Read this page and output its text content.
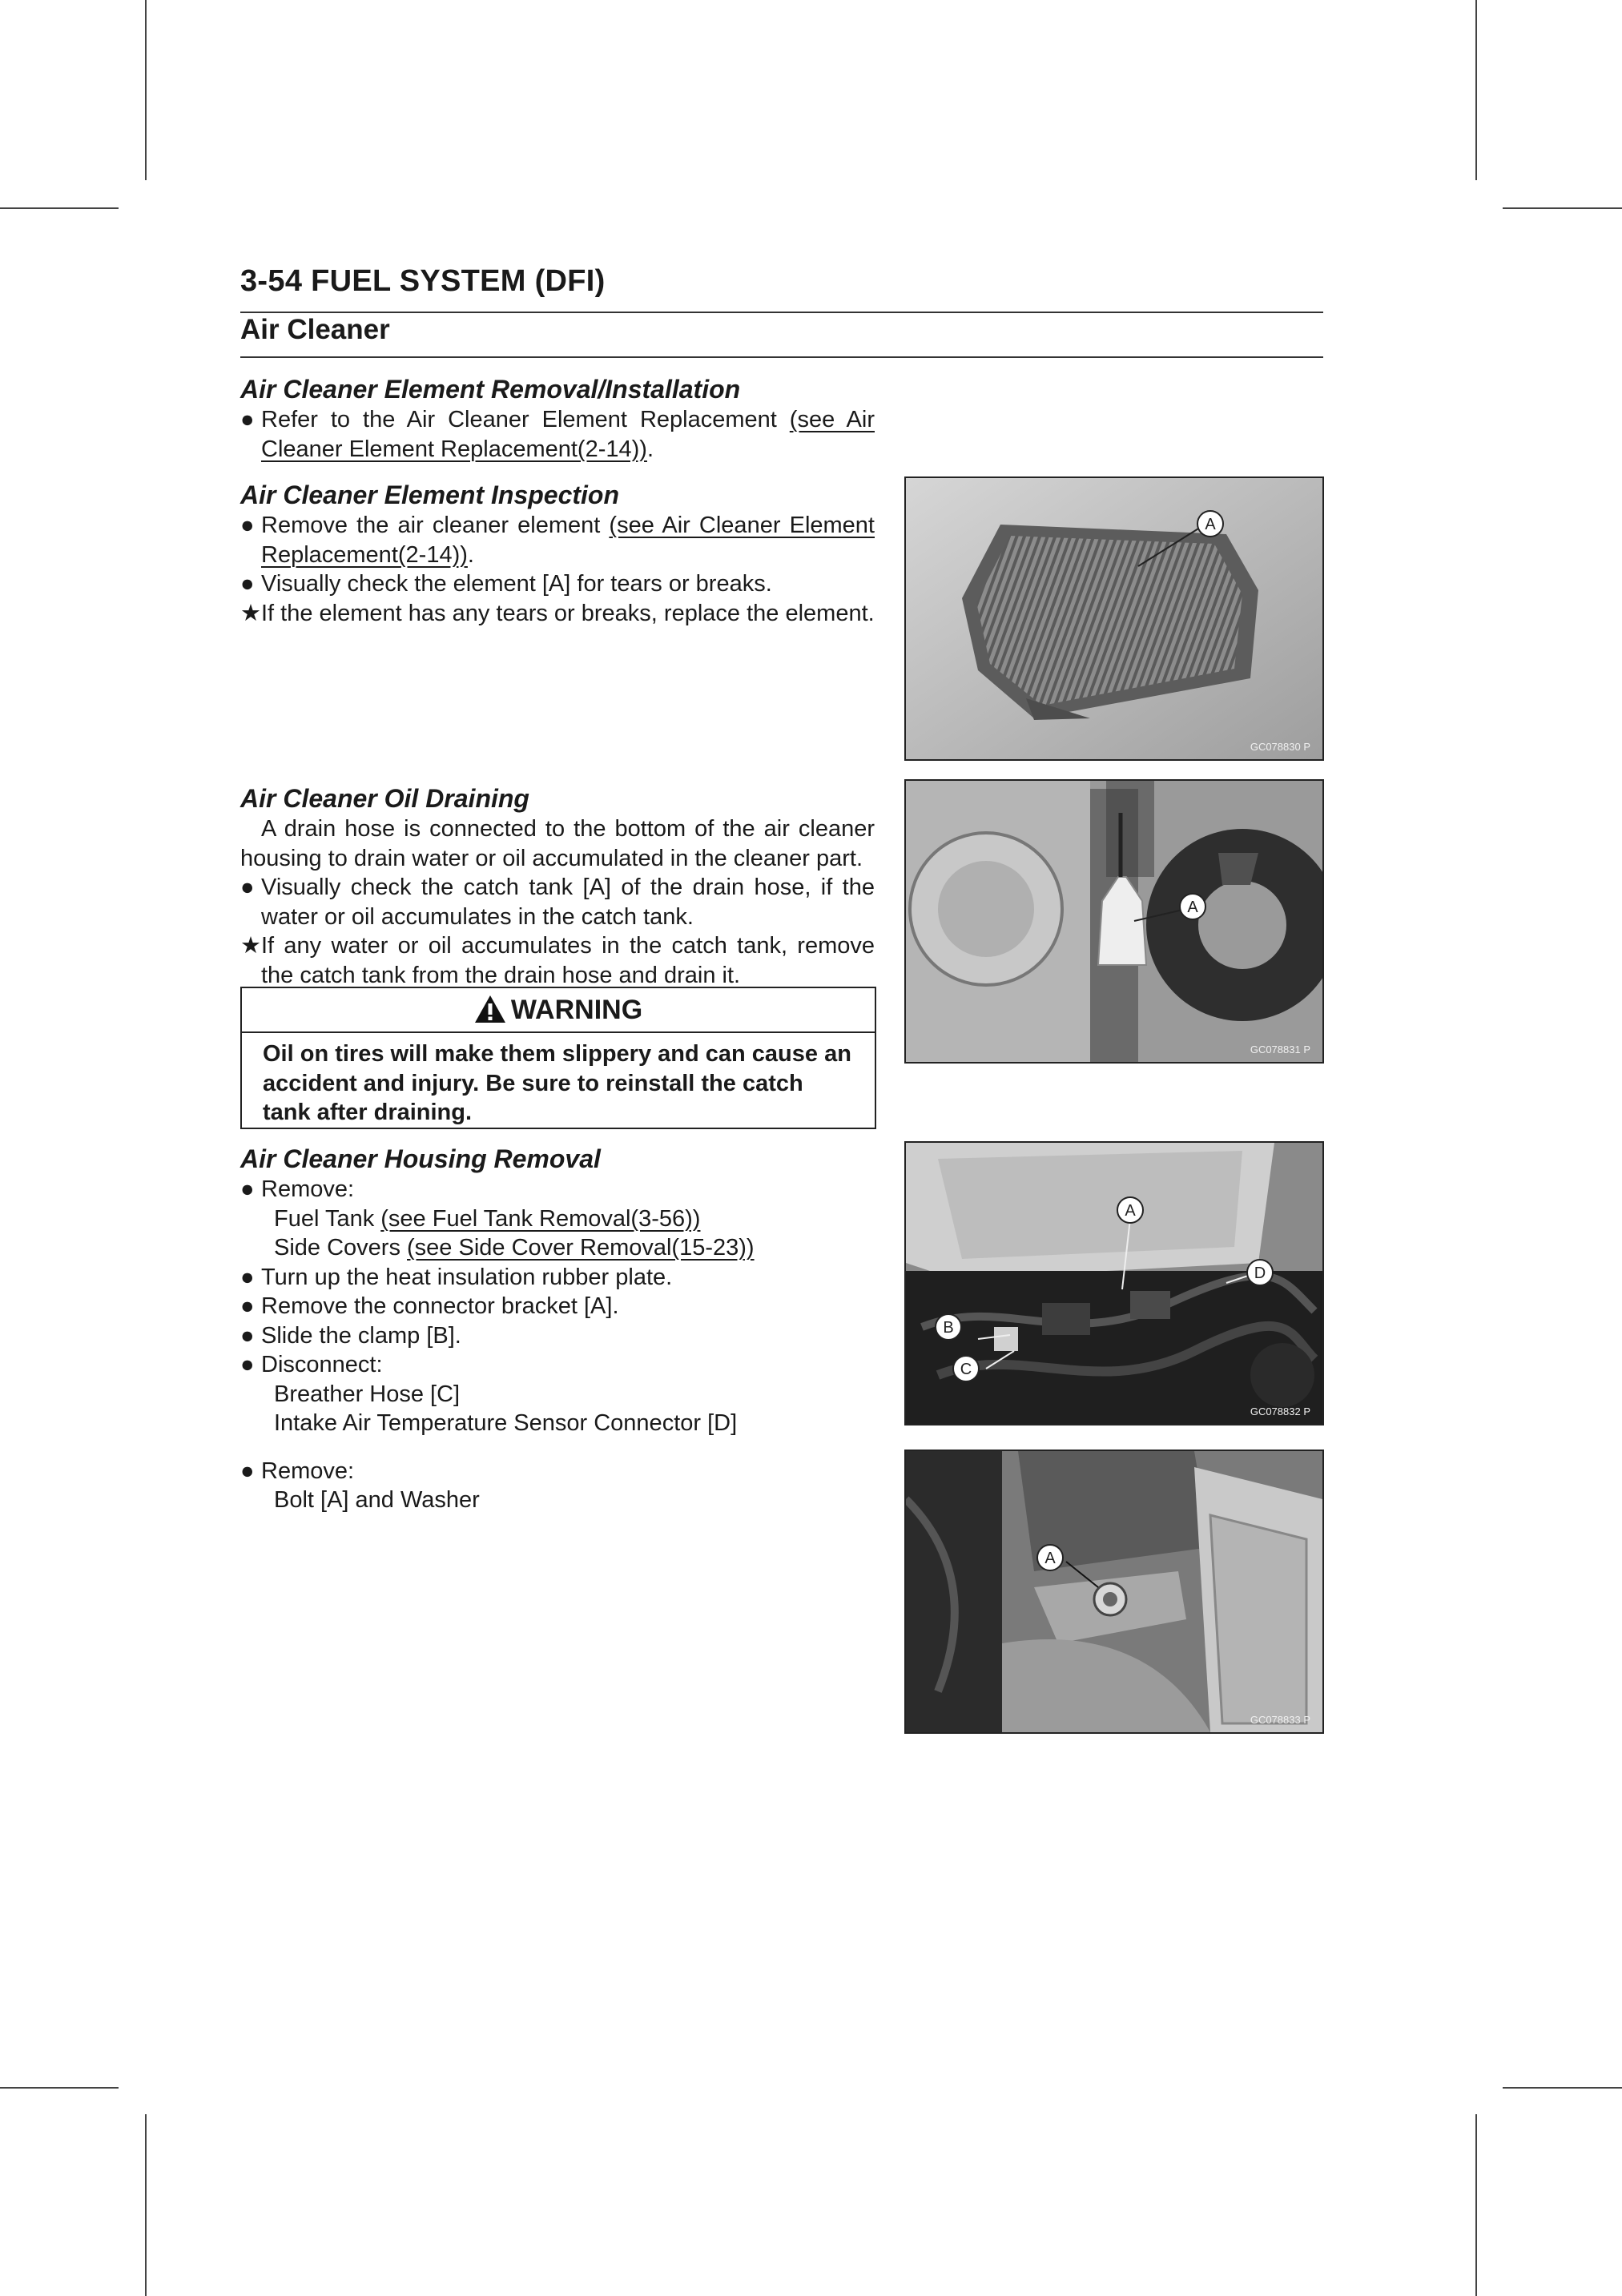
3-54 FUEL SYSTEM (DFI)
Air Cleaner

Air Cleaner Element Removal/Installation

● Refer to the Air Cleaner Element Replacement (see Air Cleaner Element Replacement(2-14)).

Air Cleaner Element Inspection

● Remove the air cleaner element (see Air Cleaner Element Replacement(2-14)).

● Visually check the element [A] for tears or breaks.

★ If the element has any tears or breaks, replace the element.

Air Cleaner Oil Draining

A drain hose is connected to the bottom of the air cleaner housing to drain water or oil accumulated in the cleaner part.

● Visually check the catch tank [A] of the drain hose, if the water or oil accumulates in the catch tank.

★ If any water or oil accumulates in the catch tank, remove the catch tank from the drain hose and drain it.

WARNING
Oil on tires will make them slippery and can cause an accident and injury. Be sure to reinstall the catch tank after draining.

Air Cleaner Housing Removal

● Remove:

Fuel Tank (see Fuel Tank Removal(3-56))

Side Covers (see Side Cover Removal(15-23))

● Turn up the heat insulation rubber plate.

● Remove the connector bracket [A].

● Slide the clamp [B].

● Disconnect:

Breather Hose [C]

Intake Air Temperature Sensor Connector [D]

● Remove:

Bolt [A] and Washer

A
GC078830 P
A
GC078831 P
A
B
C
D
GC078832 P
A
GC078833 P
